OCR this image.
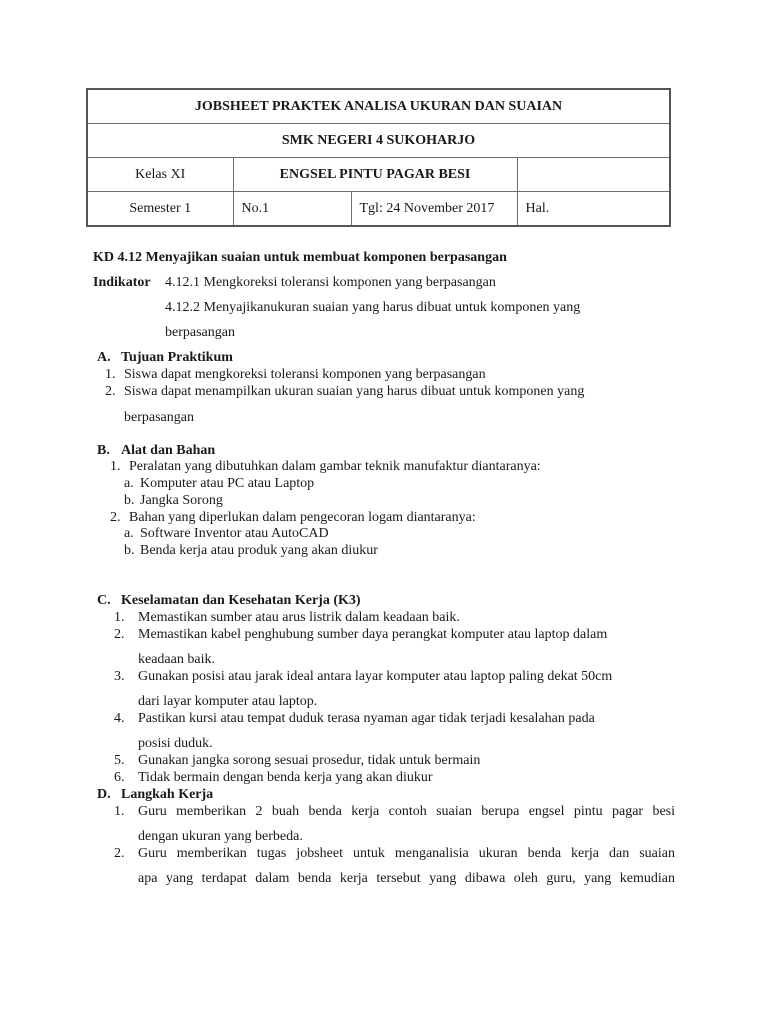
JOBSHEET PRAKTEK ANALISA UKURAN DAN SUAIAN			
SMK NEGERI 4 SUKOHARJO			
Kelas XI	ENGSEL PINTU PAGAR BESI		
Semester 1	No.1	Tgl: 24 November 2017	Hal.
KD 4.12 Menyajikan suaian untuk membuat komponen berpasangan
Indikator 4.12.1 Mengkoreksi toleransi komponen yang berpasangan
4.12.2 Menyajikanukuran suaian yang harus dibuat untuk komponen yang
berpasangan
A. Tujuan Praktikum
1. Siswa dapat mengkoreksi toleransi komponen yang berpasangan
2. Siswa dapat menampilkan ukuran suaian yang harus dibuat untuk komponen yang
berpasangan
B. Alat dan Bahan
1. Peralatan yang dibutuhkan dalam gambar teknik manufaktur diantaranya:
a. Komputer atau PC atau Laptop
b. Jangka Sorong
2. Bahan yang diperlukan dalam pengecoran logam diantaranya:
a. Software Inventor atau AutoCAD
b. Benda kerja atau produk yang akan diukur
C. Keselamatan dan Kesehatan Kerja (K3)
1. Memastikan sumber atau arus listrik dalam keadaan baik.
2. Memastikan kabel penghubung sumber daya perangkat komputer atau laptop dalam
keadaan baik.
3. Gunakan posisi atau jarak ideal antara layar komputer atau laptop paling dekat 50cm
dari layar komputer atau laptop.
4. Pastikan kursi atau tempat duduk terasa nyaman agar tidak terjadi kesalahan pada
posisi duduk.
5. Gunakan jangka sorong sesuai prosedur, tidak untuk bermain
6. Tidak bermain dengan benda kerja yang akan diukur
D. Langkah Kerja
1. Guru memberikan 2 buah benda kerja contoh suaian berupa engsel pintu pagar besi
dengan ukuran yang berbeda.
2. Guru memberikan tugas jobsheet untuk menganalisia ukuran benda kerja dan suaian
apa yang terdapat dalam benda kerja tersebut yang dibawa oleh guru, yang kemudian
